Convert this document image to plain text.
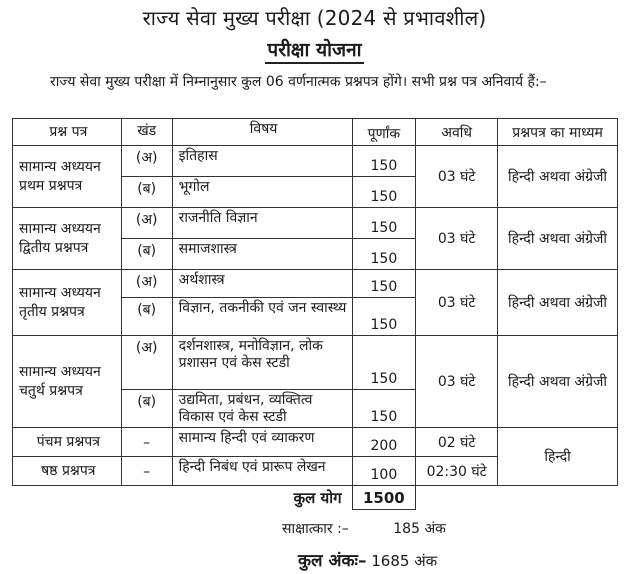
राज्य सेवा मुख्य परीक्षा (2024 से प्रभावशील)
परीक्षा योजना
राज्य सेवा मुख्य परीक्षा में निम्नानुसार कुल 06 वर्णनात्मक प्रश्नपत्र होंगे। सभी प्रश्न पत्र अनिवार्य हैं:–
प्रश्न पत्र	खंड	विषय	पूर्णांक	अवधि	प्रश्नपत्र का माध्यम
सामान्य अध्ययन प्रथम प्रश्नपत्र	(अ)	इतिहास	150	03 घंटे	हिन्दी अथवा अंग्रेजी
	(ब)	भूगोल	150		
सामान्य अध्ययन द्वितीय प्रश्नपत्र	(अ)	राजनीति विज्ञान	150	03 घंटे	हिन्दी अथवा अंग्रेजी
	(ब)	समाजशास्त्र	150		
सामान्य अध्ययन तृतीय प्रश्नपत्र	(अ)	अर्थशास्त्र	150	03 घंटे	हिन्दी अथवा अंग्रेजी
	(ब)	विज्ञान, तकनीकी एवं जन स्वास्थ्य	150		
सामान्य अध्ययन चतुर्थ प्रश्नपत्र	(अ)	दर्शनशास्त्र, मनोविज्ञान, लोक प्रशासन एवं केस स्टडी	150	03 घंटे	हिन्दी अथवा अंग्रेजी
	(ब)	उद्यमिता, प्रबंधन, व्यक्तित्व विकास एवं केस स्टडी	150		
पंचम प्रश्नपत्र	–	सामान्य हिन्दी एवं व्याकरण	200	02 घंटे	हिन्दी
षष्ठ प्रश्नपत्र	–	हिन्दी निबंध एवं प्रारूप लेखन	100	02:30 घंटे	
	कुल योग		1500		
साक्षात्कार :–	185 अंक
कुल अंकः– 1685 अंक
